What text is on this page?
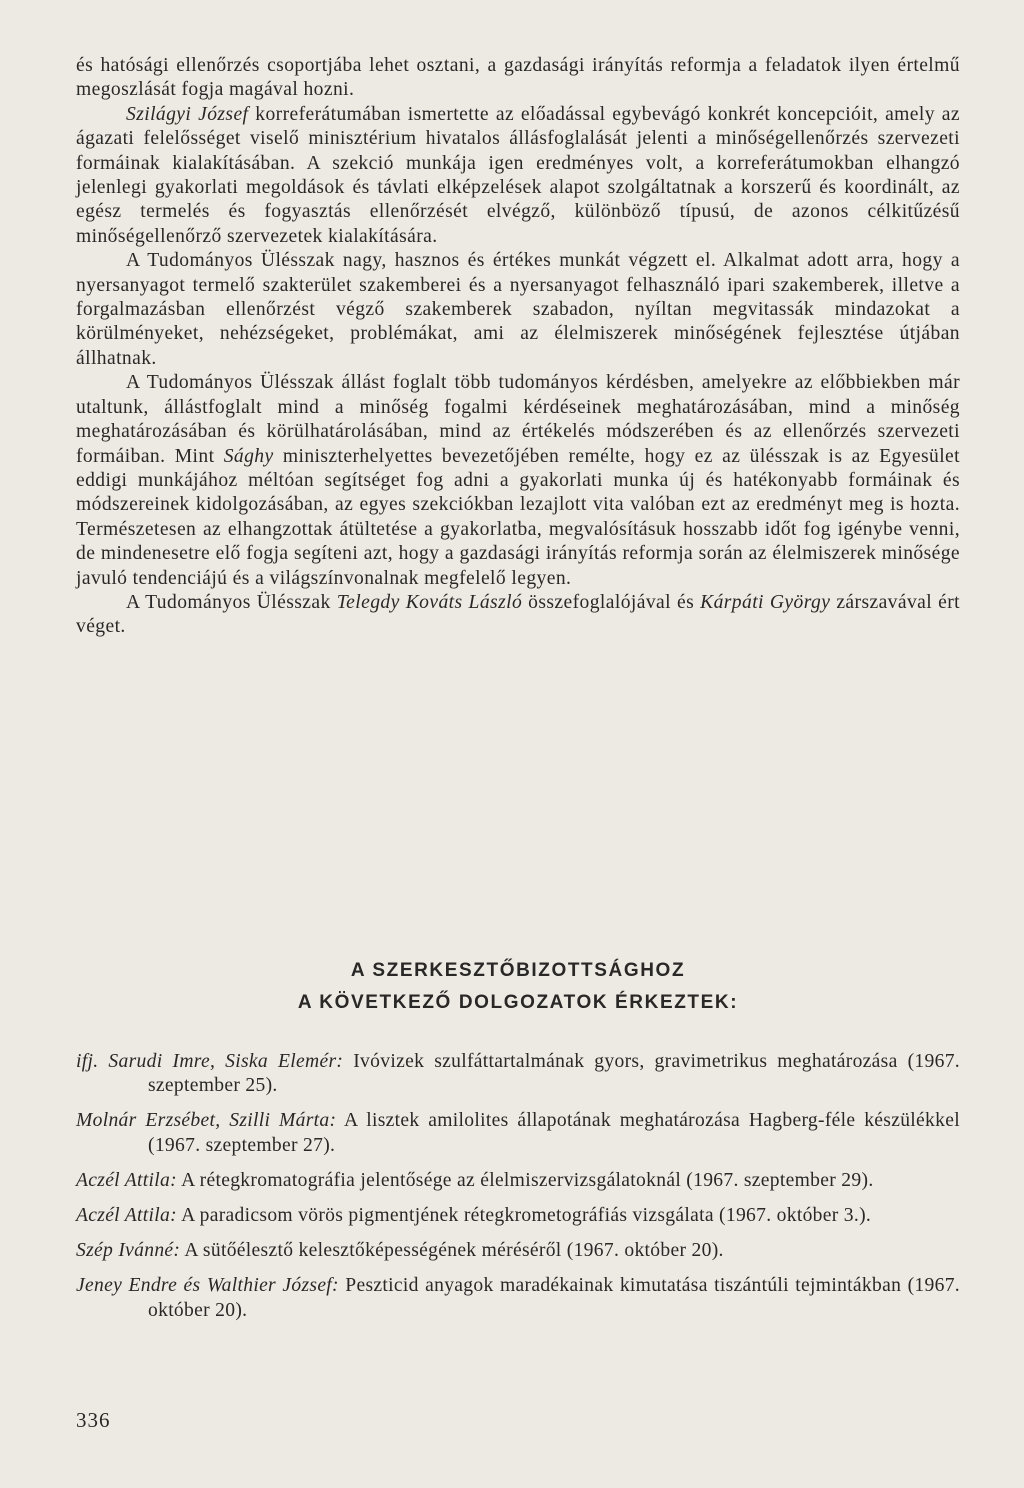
és hatósági ellenőrzés csoportjába lehet osztani, a gazdasági irányítás reformja a feladatok ilyen értelmű megoszlását fogja magával hozni.

Szilágyi József korreferátumában ismertette az előadással egybevágó konkrét koncepcióit, amely az ágazati felelősséget viselő minisztérium hivatalos állásfoglalását jelenti a minőségellenőrzés szervezeti formáinak kialakításában. A szekció munkája igen eredményes volt, a korreferátumokban elhangzó jelenlegi gyakorlati megoldások és távlati elképzelések alapot szolgáltatnak a korszerű és koordinált, az egész termelés és fogyasztás ellenőrzését elvégző, különböző típusú, de azonos célkitűzésű minőségellenőrző szervezetek kialakítására.

A Tudományos Ülésszak nagy, hasznos és értékes munkát végzett el. Alkalmat adott arra, hogy a nyersanyagot termelő szakterület szakemberei és a nyersanyagot felhasználó ipari szakemberek, illetve a forgalmazásban ellenőrzést végző szakemberek szabadon, nyíltan megvitassák mindazokat a körülményeket, nehézségeket, problémákat, ami az élelmiszerek minőségének fejlesztése útjában állhatnak.

A Tudományos Ülésszak állást foglalt több tudományos kérdésben, amelyekre az előbbiekben már utaltunk, állástfoglalt mind a minőség fogalmi kérdéseinek meghatározásában, mind a minőség meghatározásában és körülhatárolásában, mind az értékelés módszerében és az ellenőrzés szervezeti formáiban. Mint Sághy miniszterhelyettes bevezetőjében remélte, hogy ez az ülésszak is az Egyesület eddigi munkájához méltóan segítséget fog adni a gyakorlati munka új és hatékonyabb formáinak és módszereinek kidolgozásában, az egyes szekciókban lezajlott vita valóban ezt az eredményt meg is hozta. Természetesen az elhangzottak átültetése a gyakorlatba, megvalósításuk hosszabb időt fog igénybe venni, de mindenesetre elő fogja segíteni azt, hogy a gazdasági irányítás reformja során az élelmiszerek minősége javuló tendenciájú és a világszínvonalnak megfelelő legyen.

A Tudományos Ülésszak Telegdy Kováts László összefoglalójával és Kárpáti György zárszavával ért véget.

A SZERKESZTŐBIZOTTSÁGHOZ
A KÖVETKEZŐ DOLGOZATOK ÉRKEZTEK:

ifj. Sarudi Imre, Siska Elemér: Ivóvizek szulfáttartalmának gyors, gravimetrikus meghatározása (1967. szeptember 25).

Molnár Erzsébet, Szilli Márta: A lisztek amilolites állapotának meghatározása Hagberg-féle készülékkel (1967. szeptember 27).

Aczél Attila: A rétegkromatográfia jelentősége az élelmiszervizsgálatoknál (1967. szeptember 29).

Aczél Attila: A paradicsom vörös pigmentjének rétegkrometográfiás vizsgálata (1967. október 3.).

Szép Ivánné: A sütőélesztő kelesztőképességének méréséről (1967. október 20).

Jeney Endre és Walthier József: Peszticid anyagok maradékainak kimutatása tiszántúli tejmintákban (1967. október 20).

336
